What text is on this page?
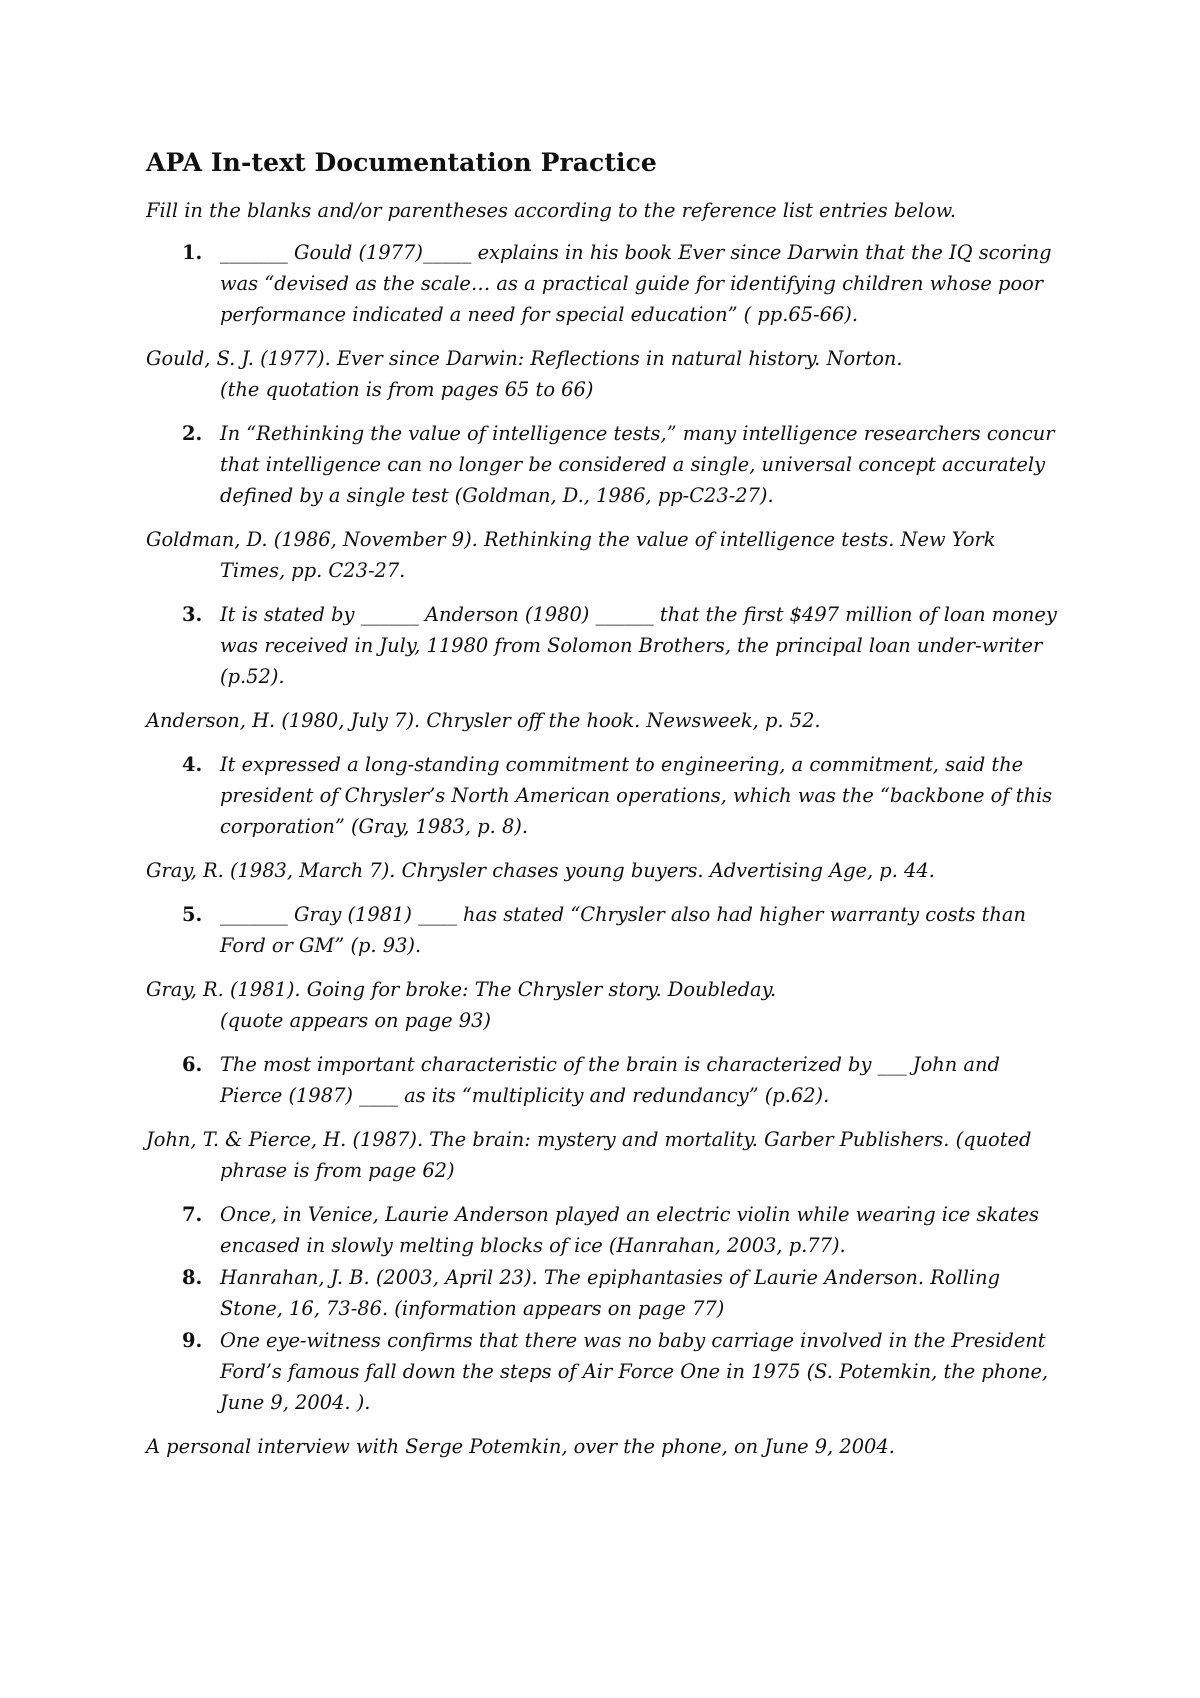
APA In-text Documentation Practice

Fill in the blanks and/or parentheses according to the reference list entries below.

1. _______ Gould (1977)_____ explains in his book Ever since Darwin that the IQ scoring was “devised as the scale… as a practical guide for identifying children whose poor performance indicated a need for special education” ( pp.65-66).
Gould, S. J. (1977). Ever since Darwin: Reflections in natural history. Norton.
(the quotation is from pages 65 to 66)
2. In “Rethinking the value of intelligence tests,” many intelligence researchers concur that intelligence can no longer be considered a single, universal concept accurately defined by a single test (Goldman, D., 1986, pp-C23-27).
Goldman, D. (1986, November 9). Rethinking the value of intelligence tests. New York Times, pp. C23-27.
3. It is stated by ______ Anderson (1980) ______ that the first $497 million of loan money was received in July, 11980 from Solomon Brothers, the principal loan under-writer (p.52).
Anderson, H. (1980, July 7). Chrysler off the hook. Newsweek, p. 52.
4. It expressed a long-standing commitment to engineering, a commitment, said the president of Chrysler’s North American operations, which was the “backbone of this corporation” (Gray, 1983, p. 8).
Gray, R. (1983, March 7). Chrysler chases young buyers. Advertising Age, p. 44.
5. _______ Gray (1981) ____ has stated “Chrysler also had higher warranty costs than Ford or GM” (p. 93).
Gray, R. (1981). Going for broke: The Chrysler story. Doubleday.
(quote appears on page 93)
6. The most important characteristic of the brain is characterized by ___ John and Pierce (1987) ____ as its “multiplicity and redundancy” (p.62).
John, T. & Pierce, H. (1987). The brain: mystery and mortality. Garber Publishers. (quoted phrase is from page 62)
7. Once, in Venice, Laurie Anderson played an electric violin while wearing ice skates encased in slowly melting blocks of ice (Hanrahan, 2003, p.77).
8. Hanrahan, J. B. (2003, April 23). The epiphantasies of Laurie Anderson. Rolling Stone, 16, 73-86. (information appears on page 77)
9. One eye-witness confirms that there was no baby carriage involved in the President Ford’s famous fall down the steps of Air Force One in 1975 (S. Potemkin, the phone, June 9, 2004. ).
A personal interview with Serge Potemkin, over the phone, on June 9, 2004.
